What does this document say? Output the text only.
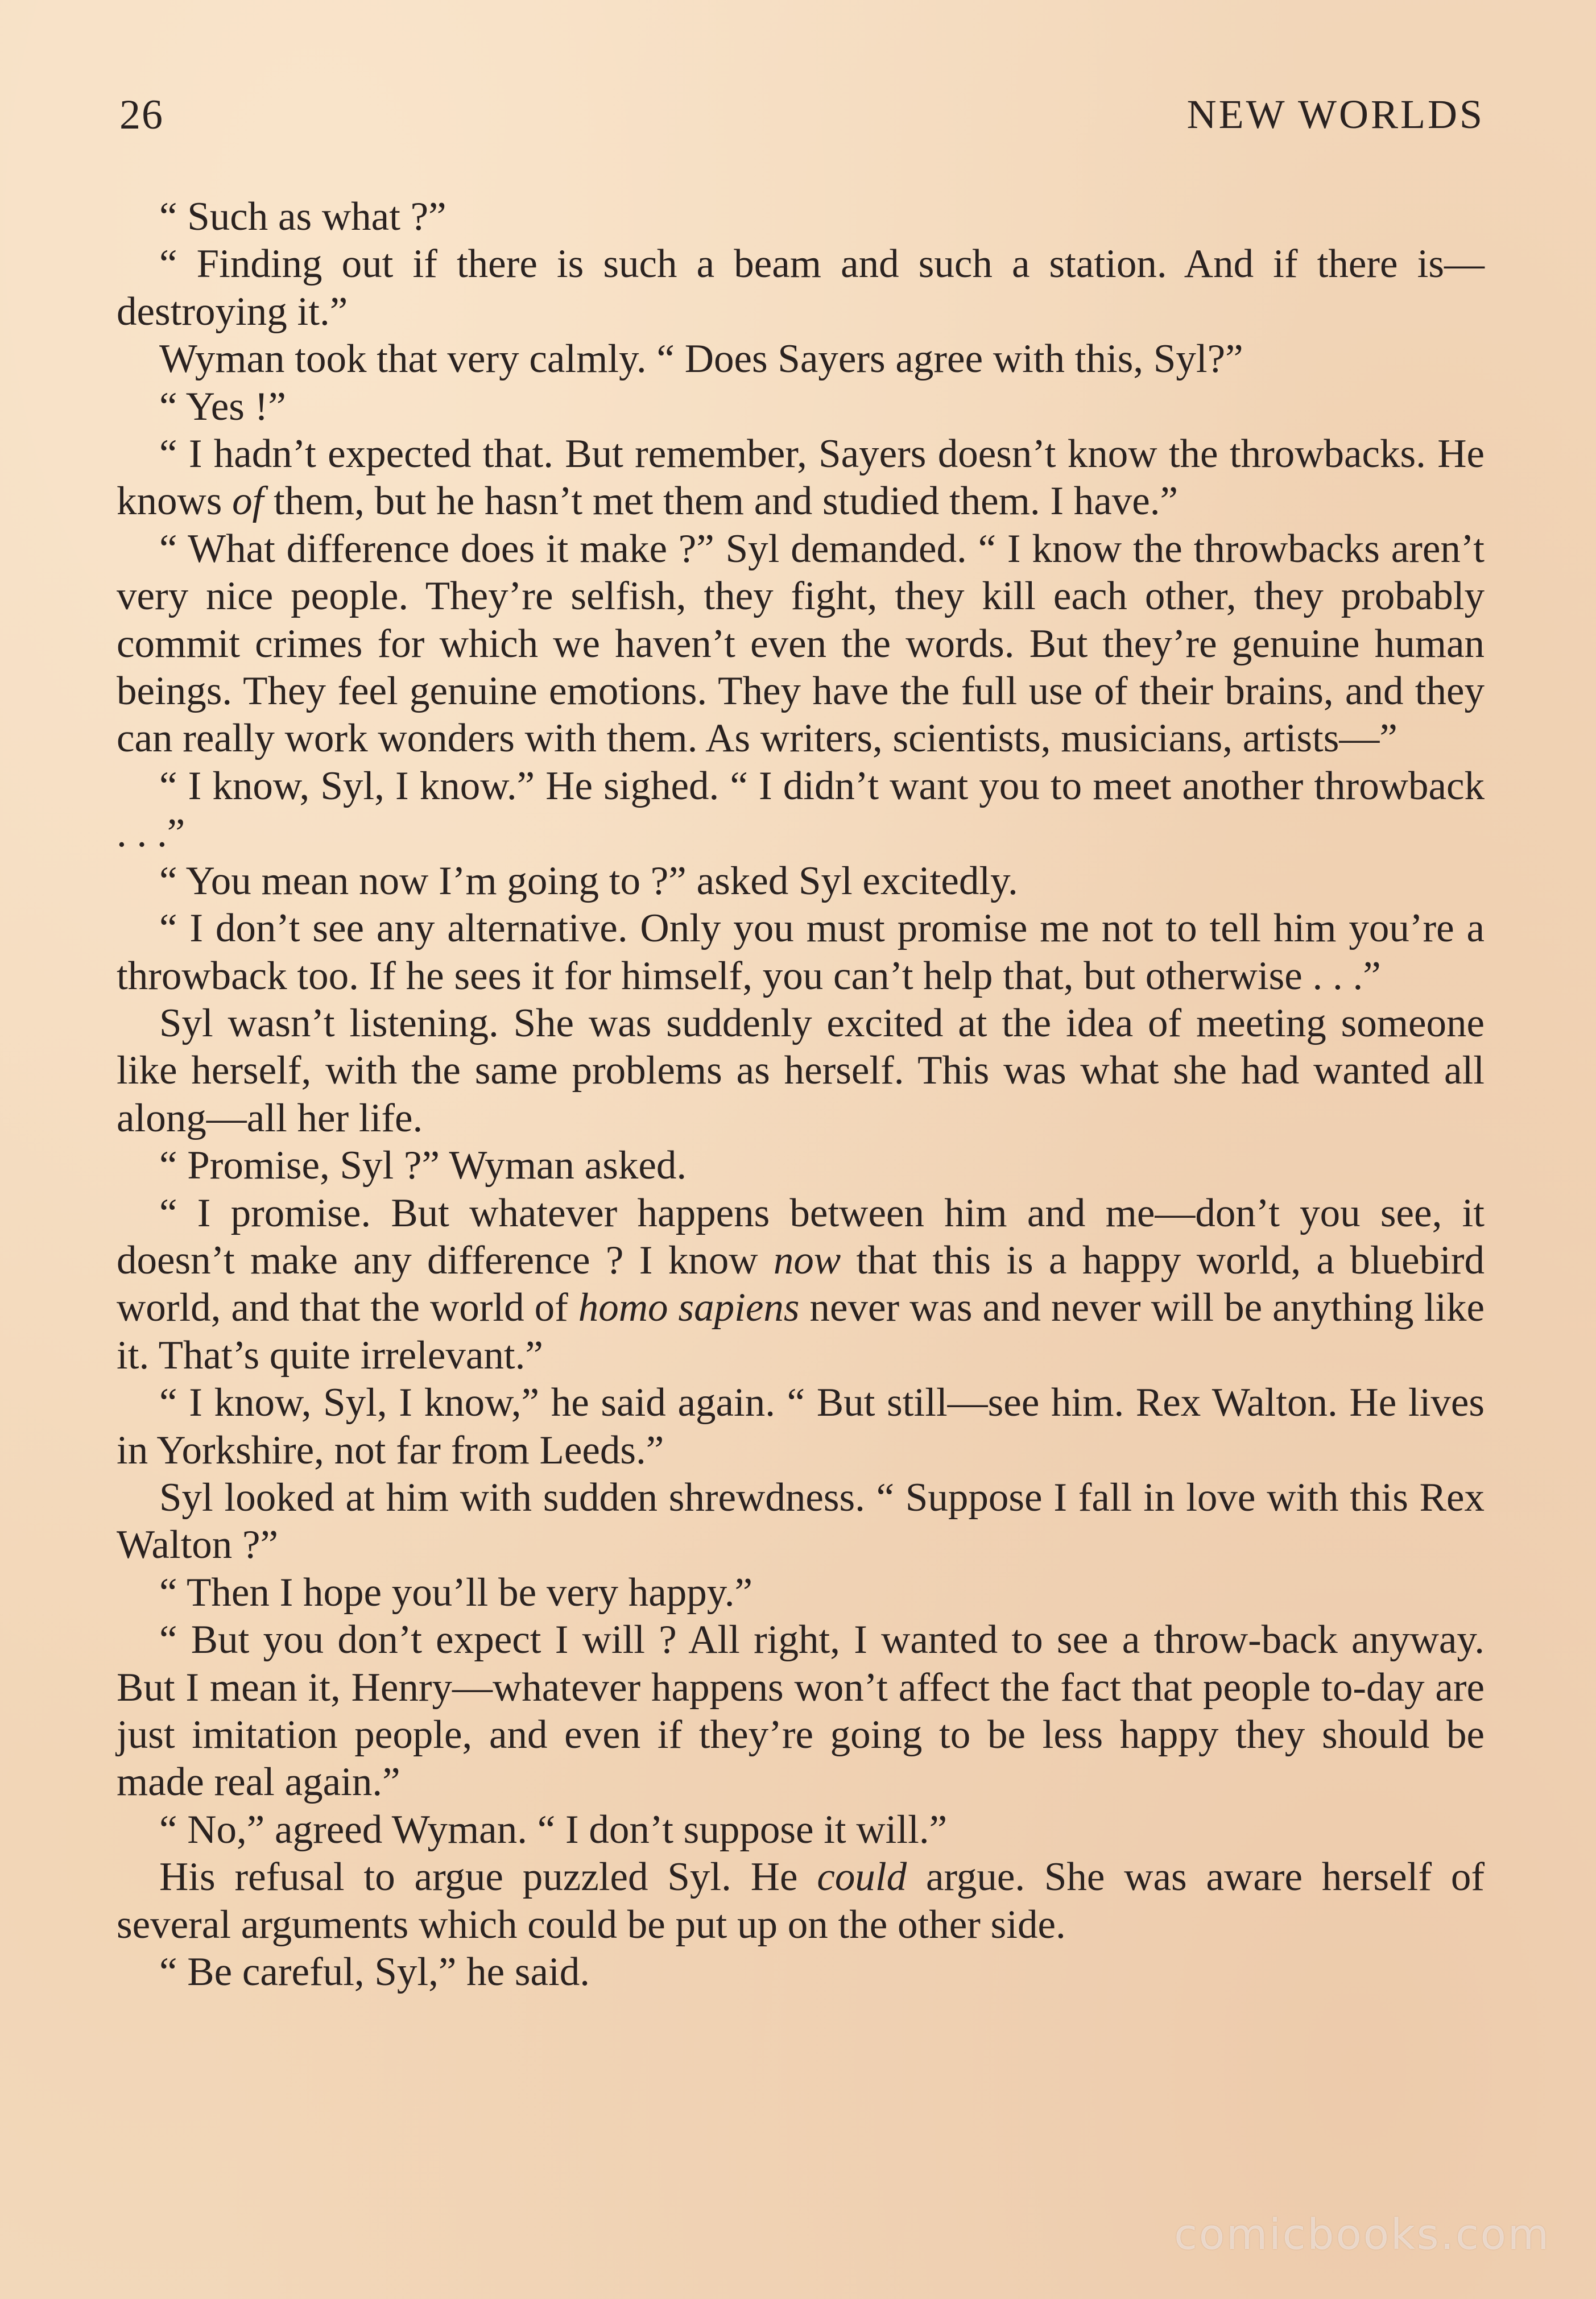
26	NEW WORLDS

“ Such as what ?”

“ Finding out if there is such a beam and such a station. And if there is—destroying it.”

Wyman took that very calmly. “ Does Sayers agree with this, Syl?”

“ Yes !”

“ I hadn’t expected that. But remember, Sayers doesn’t know the throwbacks. He knows of them, but he hasn’t met them and studied them. I have.”

“ What difference does it make ?” Syl demanded. “ I know the throwbacks aren’t very nice people. They’re selfish, they fight, they kill each other, they probably commit crimes for which we haven’t even the words. But they’re genuine human beings. They feel genuine emotions. They have the full use of their brains, and they can really work wonders with them. As writers, scientists, musicians, artists—”

“ I know, Syl, I know.” He sighed. “ I didn’t want you to meet another throwback . . .”

“ You mean now I’m going to ?” asked Syl excitedly.

“ I don’t see any alternative. Only you must promise me not to tell him you’re a throwback too. If he sees it for himself, you can’t help that, but otherwise . . .”

Syl wasn’t listening. She was suddenly excited at the idea of meeting someone like herself, with the same problems as herself. This was what she had wanted all along—all her life.

“ Promise, Syl ?” Wyman asked.

“ I promise. But whatever happens between him and me—don’t you see, it doesn’t make any difference ? I know now that this is a happy world, a bluebird world, and that the world of homo sapiens never was and never will be anything like it. That’s quite irrelevant.”

“ I know, Syl, I know,” he said again. “ But still—see him. Rex Walton. He lives in Yorkshire, not far from Leeds.”

Syl looked at him with sudden shrewdness. “ Suppose I fall in love with this Rex Walton ?”

“ Then I hope you’ll be very happy.”

“ But you don’t expect I will ? All right, I wanted to see a throw-back anyway. But I mean it, Henry—whatever happens won’t affect the fact that people to-day are just imitation people, and even if they’re going to be less happy they should be made real again.”

“ No,” agreed Wyman. “ I don’t suppose it will.”

His refusal to argue puzzled Syl. He could argue. She was aware herself of several arguments which could be put up on the other side.

“ Be careful, Syl,” he said.

comicbooks.com
